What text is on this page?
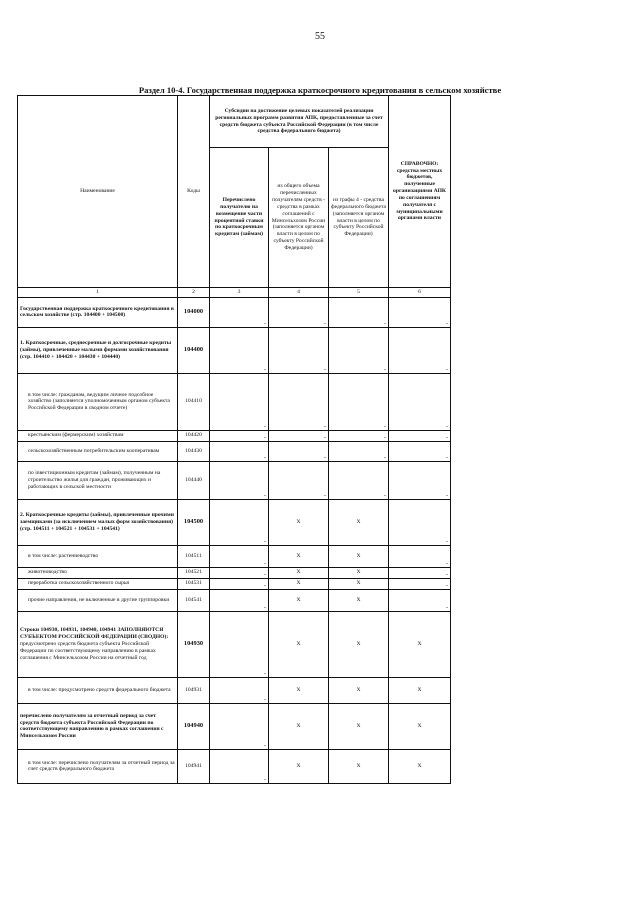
55
Раздел 10-4. Государственная поддержка краткосрочного кредитования в сельском хозяйстве
Наименование	Коды	Субсидии на достижение целевых показателей реализации региональных программ развития АПК, предоставленные за счет средств бюджета субъекта Российской Федерации (в том числе средства федерального бюджета)			СПРАВОЧНО: средства местных бюджетов, полученные организациями АПК по соглашениям получателя с муниципальными органами власти
		Перечислено получателю на возмещение части процентной ставки по краткосрочным кредитам (займам)	из общего объема перечисленных получателям средств - средства в рамках соглашений с Минсельхозом России (заполняется органом власти в целом по субъекту Российской Федерации)	из графы 4 - средства федерального бюджета (заполняется органом власти в целом по субъекту Российской Федерации)	
1	2	3	4	5	6
Государственная поддержка краткосрочного кредитования в сельском хозяйстве (стр. 104400 + 104500)	104000	-	-	-	-

1. Краткосрочные, среднесрочные и долгосрочные кредиты (займы), привлеченные малыми формами хозяйствования (стр. 104410 + 104420 + 104430 + 104440)	104400	-	-	-	-

в том числе: гражданам, ведущим личное подсобное хозяйство (заполняется уполномоченным органом субъекта Российской Федерации в сводном отчете)	104410	-	-	-	-

крестьянским (фермерским) хозяйствам	104420	-	-	-	-

сельскохозяйственным потребительским кооперативам	104430	-	-	-	-

по inвестиционным кредитам (займам), полученным на строительство жилья для граждан, проживающих и работающих в сельской местности	104440	-	-	-	-

2. Краткосрочные кредиты (займы), привлеченные прочими заемщиками (за исключением малых форм хозяйствования) (стр. 104511 + 104521 + 104531 + 104541)	104500	-	X	X	-

в том числе: растениеводство	104511	-	X	X	-

животноводство	104521	-	X	X	-

переработка сельскохозяйственного сырья	104531	-	X	X	-

прочие направления, не включенные в другие группировки	104541	-	X	X	-

Строки 104930, 104931, 104940, 104941 ЗАПОЛНЯЮТСЯ СУБЪЕКТОМ РОССИЙСКОЙ ФЕДЕРАЦИИ (СВОДНО): предусмотрено средств бюджета субъекта Российской Федерации по соответствующему направлению в рамках соглашения с Минсельхозом России на отчетный год	104930	-	X	X	X

в том числе: предусмотрено средств федерального бюджета	104931	-	X	X	X
перечислено получателям за отчетный период за счет средств бюджета субъекта Российской Федерации по соответствующему направлению в рамках соглашения с Минсельхозом России	104940	-	X	X	X

в том числе: перечислено получателям за отчетный период за счет средств федерального бюджета	104941	-	X	X	X
